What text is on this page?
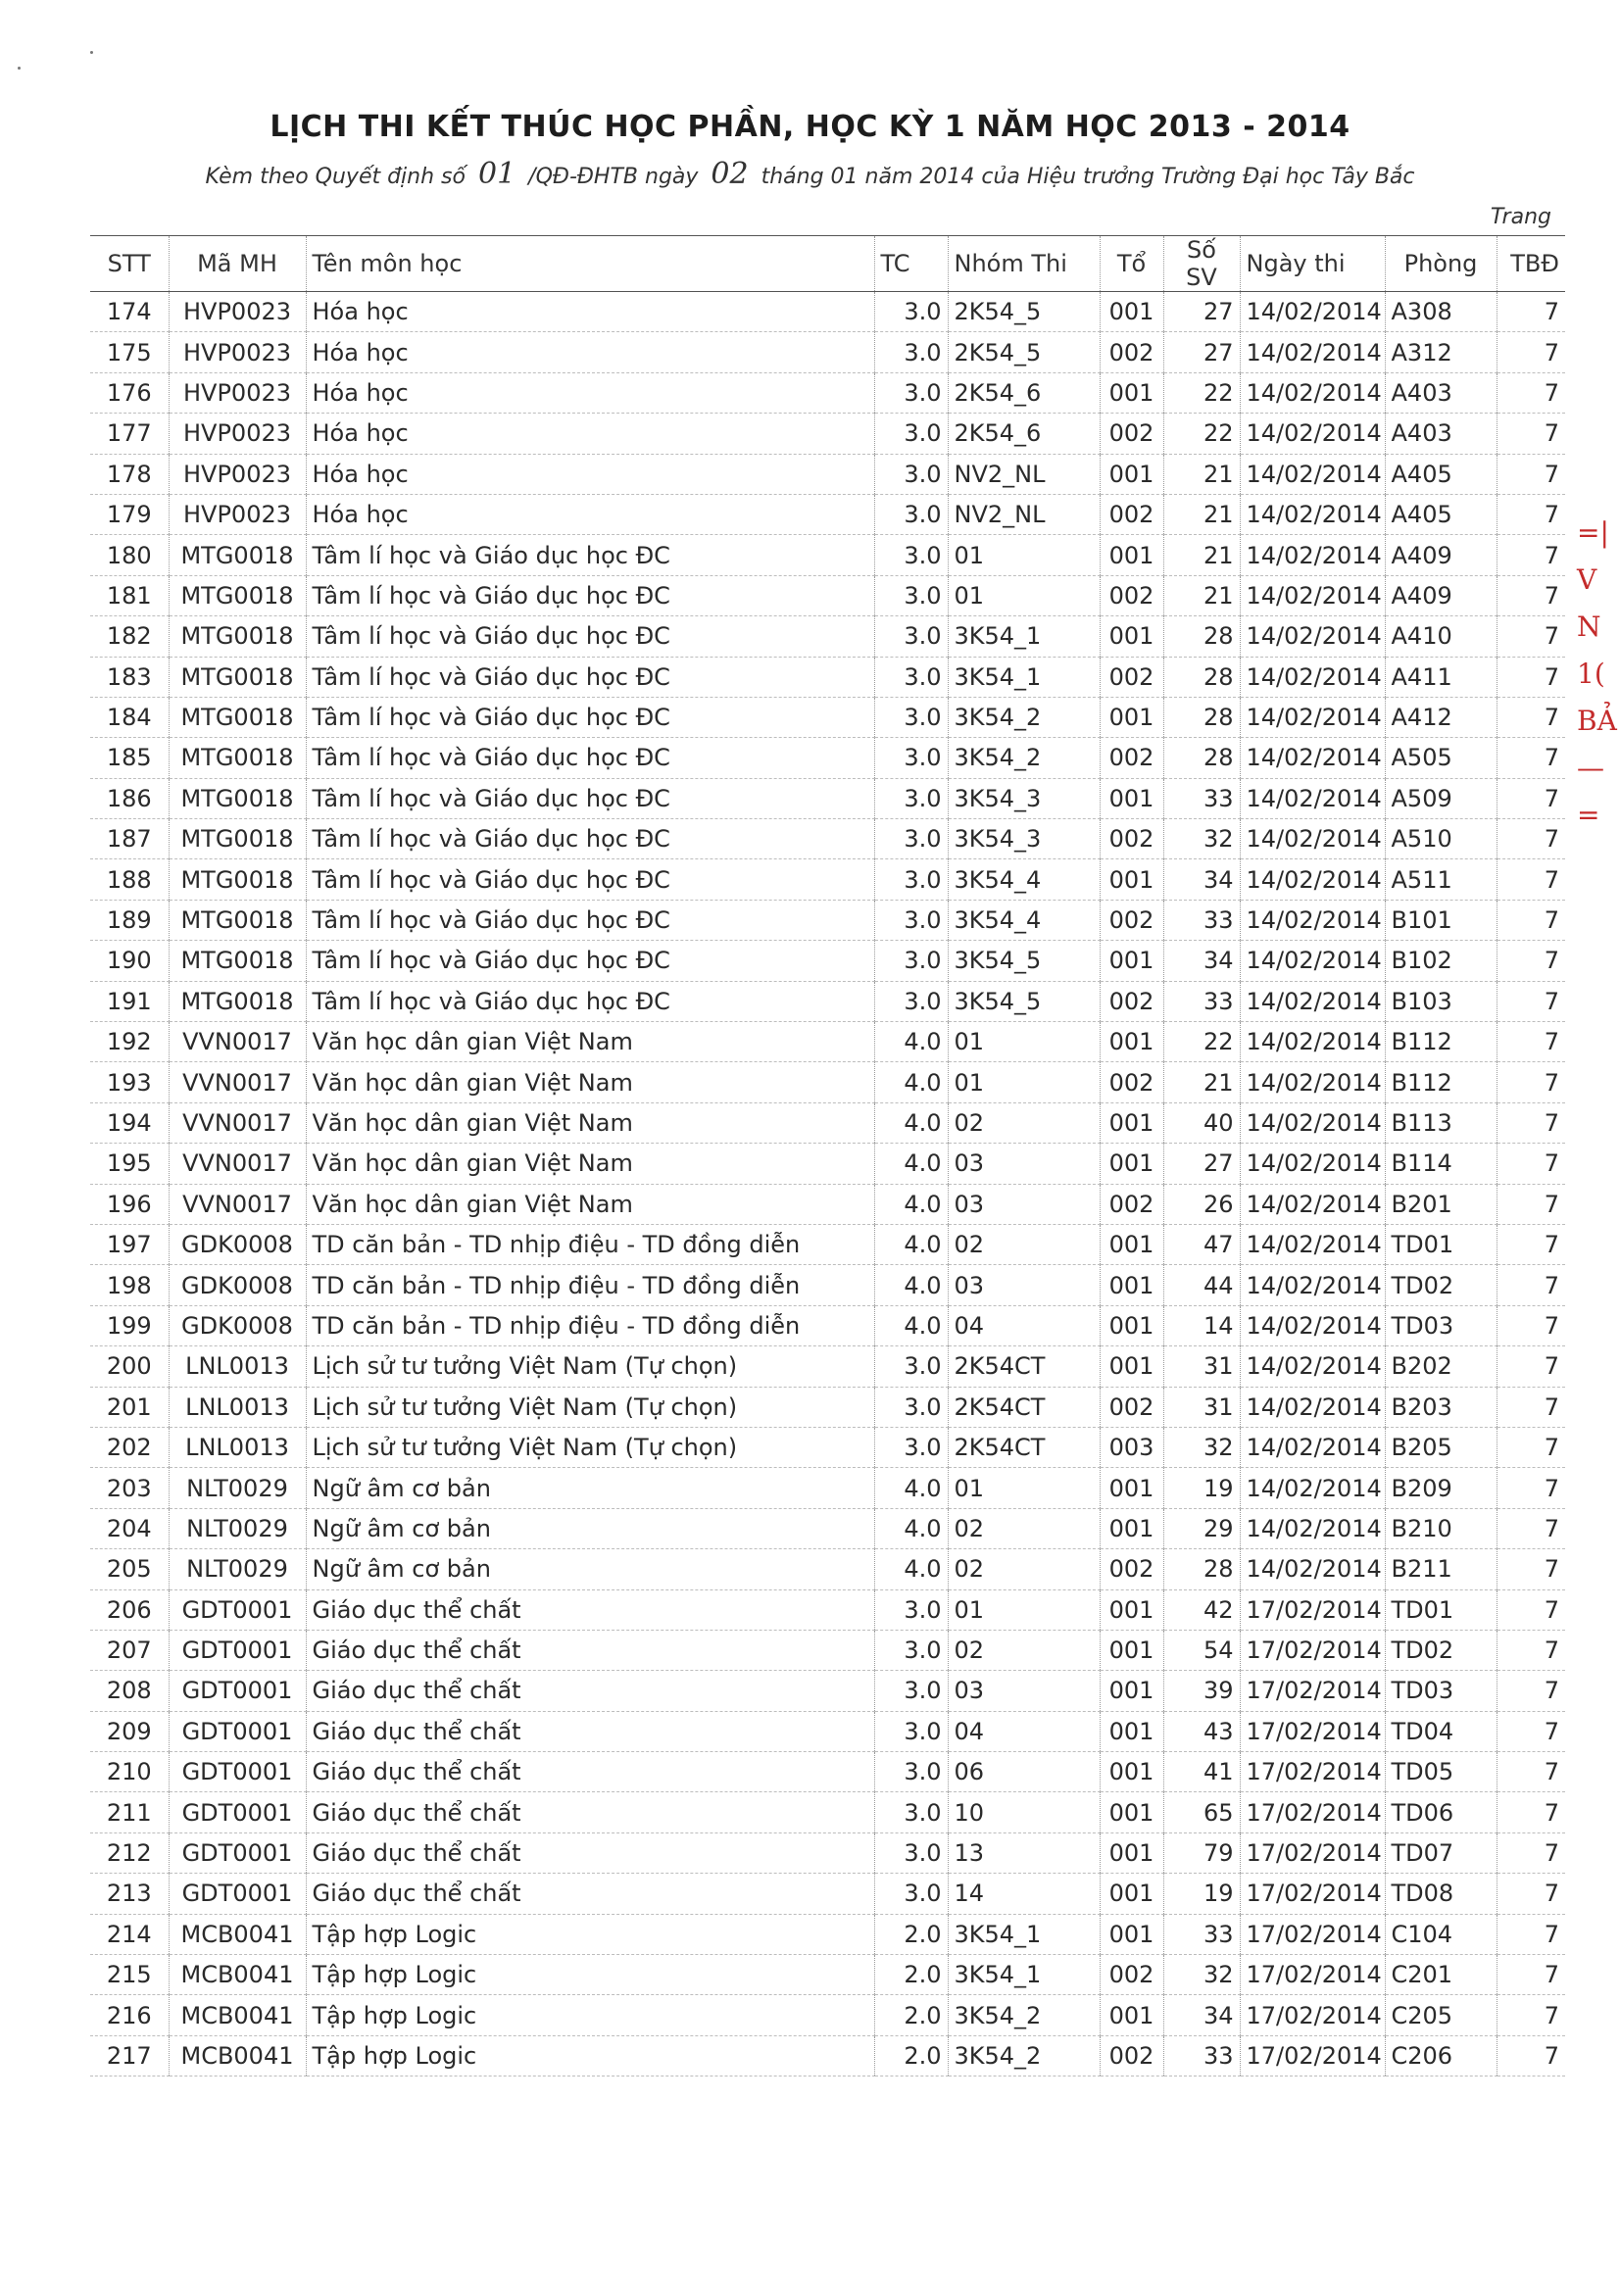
LỊCH THI KẾT THÚC HỌC PHẦN, HỌC KỲ 1 NĂM HỌC 2013 - 2014
Kèm theo Quyết định số 01 /QĐ-ĐHTB ngày 02 tháng 01 năm 2014 của Hiệu trưởng Trường Đại học Tây Bắc
Trang
STT	Mã MH	Tên môn học	TC	Nhóm Thi	Tổ	Số SV	Ngày thi	Phòng	TBĐ
174	HVP0023	Hóa học	3.0	2K54_5	001	27	14/02/2014	A308	7
175	HVP0023	Hóa học	3.0	2K54_5	002	27	14/02/2014	A312	7
176	HVP0023	Hóa học	3.0	2K54_6	001	22	14/02/2014	A403	7
177	HVP0023	Hóa học	3.0	2K54_6	002	22	14/02/2014	A403	7
178	HVP0023	Hóa học	3.0	NV2_NL	001	21	14/02/2014	A405	7
179	HVP0023	Hóa học	3.0	NV2_NL	002	21	14/02/2014	A405	7
180	MTG0018	Tâm lí học và Giáo dục học ĐC	3.0	01	001	21	14/02/2014	A409	7
181	MTG0018	Tâm lí học và Giáo dục học ĐC	3.0	01	002	21	14/02/2014	A409	7
182	MTG0018	Tâm lí học và Giáo dục học ĐC	3.0	3K54_1	001	28	14/02/2014	A410	7
183	MTG0018	Tâm lí học và Giáo dục học ĐC	3.0	3K54_1	002	28	14/02/2014	A411	7
184	MTG0018	Tâm lí học và Giáo dục học ĐC	3.0	3K54_2	001	28	14/02/2014	A412	7
185	MTG0018	Tâm lí học và Giáo dục học ĐC	3.0	3K54_2	002	28	14/02/2014	A505	7
186	MTG0018	Tâm lí học và Giáo dục học ĐC	3.0	3K54_3	001	33	14/02/2014	A509	7
187	MTG0018	Tâm lí học và Giáo dục học ĐC	3.0	3K54_3	002	32	14/02/2014	A510	7
188	MTG0018	Tâm lí học và Giáo dục học ĐC	3.0	3K54_4	001	34	14/02/2014	A511	7
189	MTG0018	Tâm lí học và Giáo dục học ĐC	3.0	3K54_4	002	33	14/02/2014	B101	7
190	MTG0018	Tâm lí học và Giáo dục học ĐC	3.0	3K54_5	001	34	14/02/2014	B102	7
191	MTG0018	Tâm lí học và Giáo dục học ĐC	3.0	3K54_5	002	33	14/02/2014	B103	7
192	VVN0017	Văn học dân gian Việt Nam	4.0	01	001	22	14/02/2014	B112	7
193	VVN0017	Văn học dân gian Việt Nam	4.0	01	002	21	14/02/2014	B112	7
194	VVN0017	Văn học dân gian Việt Nam	4.0	02	001	40	14/02/2014	B113	7
195	VVN0017	Văn học dân gian Việt Nam	4.0	03	001	27	14/02/2014	B114	7
196	VVN0017	Văn học dân gian Việt Nam	4.0	03	002	26	14/02/2014	B201	7
197	GDK0008	TD căn bản - TD nhịp điệu - TD đồng diễn	4.0	02	001	47	14/02/2014	TD01	7
198	GDK0008	TD căn bản - TD nhịp điệu - TD đồng diễn	4.0	03	001	44	14/02/2014	TD02	7
199	GDK0008	TD căn bản - TD nhịp điệu - TD đồng diễn	4.0	04	001	14	14/02/2014	TD03	7
200	LNL0013	Lịch sử tư tưởng Việt Nam (Tự chọn)	3.0	2K54CT	001	31	14/02/2014	B202	7
201	LNL0013	Lịch sử tư tưởng Việt Nam (Tự chọn)	3.0	2K54CT	002	31	14/02/2014	B203	7
202	LNL0013	Lịch sử tư tưởng Việt Nam (Tự chọn)	3.0	2K54CT	003	32	14/02/2014	B205	7
203	NLT0029	Ngữ âm cơ bản	4.0	01	001	19	14/02/2014	B209	7
204	NLT0029	Ngữ âm cơ bản	4.0	02	001	29	14/02/2014	B210	7
205	NLT0029	Ngữ âm cơ bản	4.0	02	002	28	14/02/2014	B211	7
206	GDT0001	Giáo dục thể chất	3.0	01	001	42	17/02/2014	TD01	7
207	GDT0001	Giáo dục thể chất	3.0	02	001	54	17/02/2014	TD02	7
208	GDT0001	Giáo dục thể chất	3.0	03	001	39	17/02/2014	TD03	7
209	GDT0001	Giáo dục thể chất	3.0	04	001	43	17/02/2014	TD04	7
210	GDT0001	Giáo dục thể chất	3.0	06	001	41	17/02/2014	TD05	7
211	GDT0001	Giáo dục thể chất	3.0	10	001	65	17/02/2014	TD06	7
212	GDT0001	Giáo dục thể chất	3.0	13	001	79	17/02/2014	TD07	7
213	GDT0001	Giáo dục thể chất	3.0	14	001	19	17/02/2014	TD08	7
214	MCB0041	Tập hợp Logic	2.0	3K54_1	001	33	17/02/2014	C104	7
215	MCB0041	Tập hợp Logic	2.0	3K54_1	002	32	17/02/2014	C201	7
216	MCB0041	Tập hợp Logic	2.0	3K54_2	001	34	17/02/2014	C205	7
217	MCB0041	Tập hợp Logic	2.0	3K54_2	002	33	17/02/2014	C206	7
=|
V
N
1(
BẢ
—
=
